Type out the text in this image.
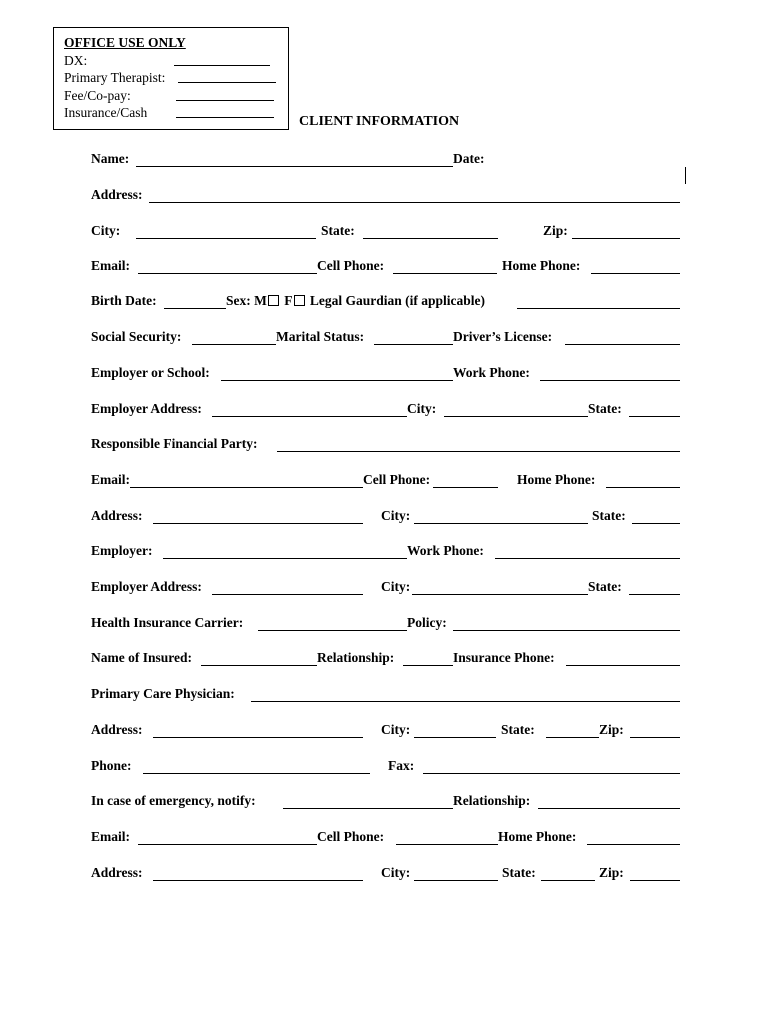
OFFICE USE ONLY
DX:
Primary Therapist:
Fee/Co-pay:
Insurance/Cash
CLIENT INFORMATION
Name:	Date:
Address:
City:	State:	Zip:
Email:	Cell Phone:	Home Phone:
Birth Date:	Sex: M F Legal Gaurdian (if applicable)
Social Security:	Marital Status:	Driver’s License:
Employer or School:	Work Phone:
Employer Address:	City:	State:
Responsible Financial Party:
Email:	Cell Phone:	Home Phone:
Address:	City:	State:
Employer:	Work Phone:
Employer Address:	City:	State:
Health Insurance Carrier:	Policy:
Name of Insured:	Relationship:	Insurance Phone:
Primary Care Physician:
Address:	City:	State:	Zip:
Phone:	Fax:
In case of emergency, notify:	Relationship:
Email:	Cell Phone:	Home Phone:
Address:	City:	State:	Zip:
